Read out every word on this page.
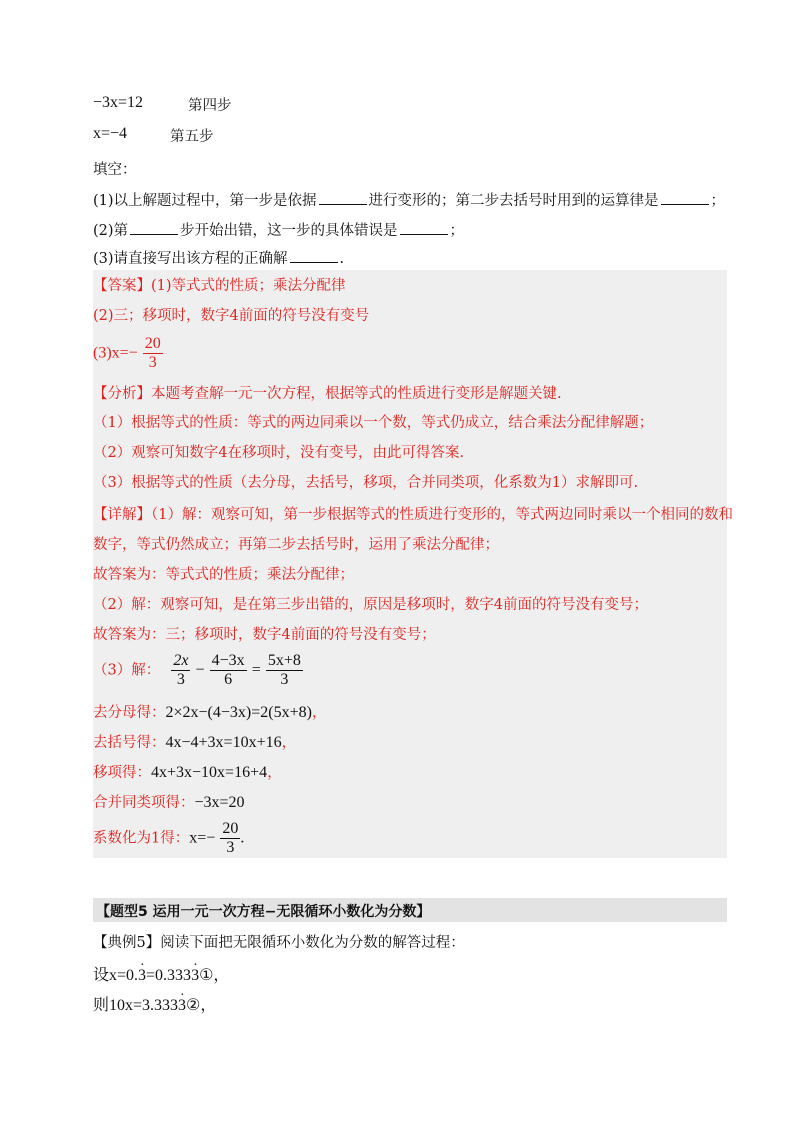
−3x=12	第四步
x=−4	第五步
填空：
(1)以上解题过程中，第一步是依据	进行变形的；第二步去括号时用到的运算律是	；
(2)第	步开始出错，这一步的具体错误是	；
(3)请直接写出该方程的正确解	.
【答案】(1)等式式的性质；乘法分配律
(2)三；移项时，数字4前面的符号没有变号
$(3)x=- \frac{20}{3}$
【分析】本题考查解一元一次方程，根据等式的性质进行变形是解题关键.
（1）根据等式的性质：等式的两边同乘以一个数，等式仍成立，结合乘法分配律解题；
（2）观察可知数字4在移项时，没有变号，由此可得答案.
（3）根据等式的性质（去分母，去括号，移项，合并同类项，化系数为1）求解即可.
【详解】（1）解：观察可知，第一步根据等式的性质进行变形的，等式两边同时乘以一个相同的数和
数字，等式仍然成立；再第二步去括号时，运用了乘法分配律；
故答案为：等式式的性质；乘法分配律；
（2）解：观察可知，是在第三步出错的，原因是移项时，数字4前面的符号没有变号；
故答案为：三；移项时，数字4前面的符号没有变号；
（3）解： $\frac{2x}{3} - \frac{4-3x}{6} = \frac{5x+8}{3}$
去分母得：2×2x−(4−3x)=2(5x+8)，
去括号得：4x−4+3x=10x+16，
移项得：4x+3x−10x=16+4，
合并同类项得：−3x=20
系数化为1得：$x=- \frac{20}{3}$ .
【题型5 运用一元一次方程−无限循环小数化为分数】
【典例5】阅读下面把无限循环小数化为分数的解答过程：
设x=0.· 3=0.333· 3①，
则10x=3.333· 3②，
